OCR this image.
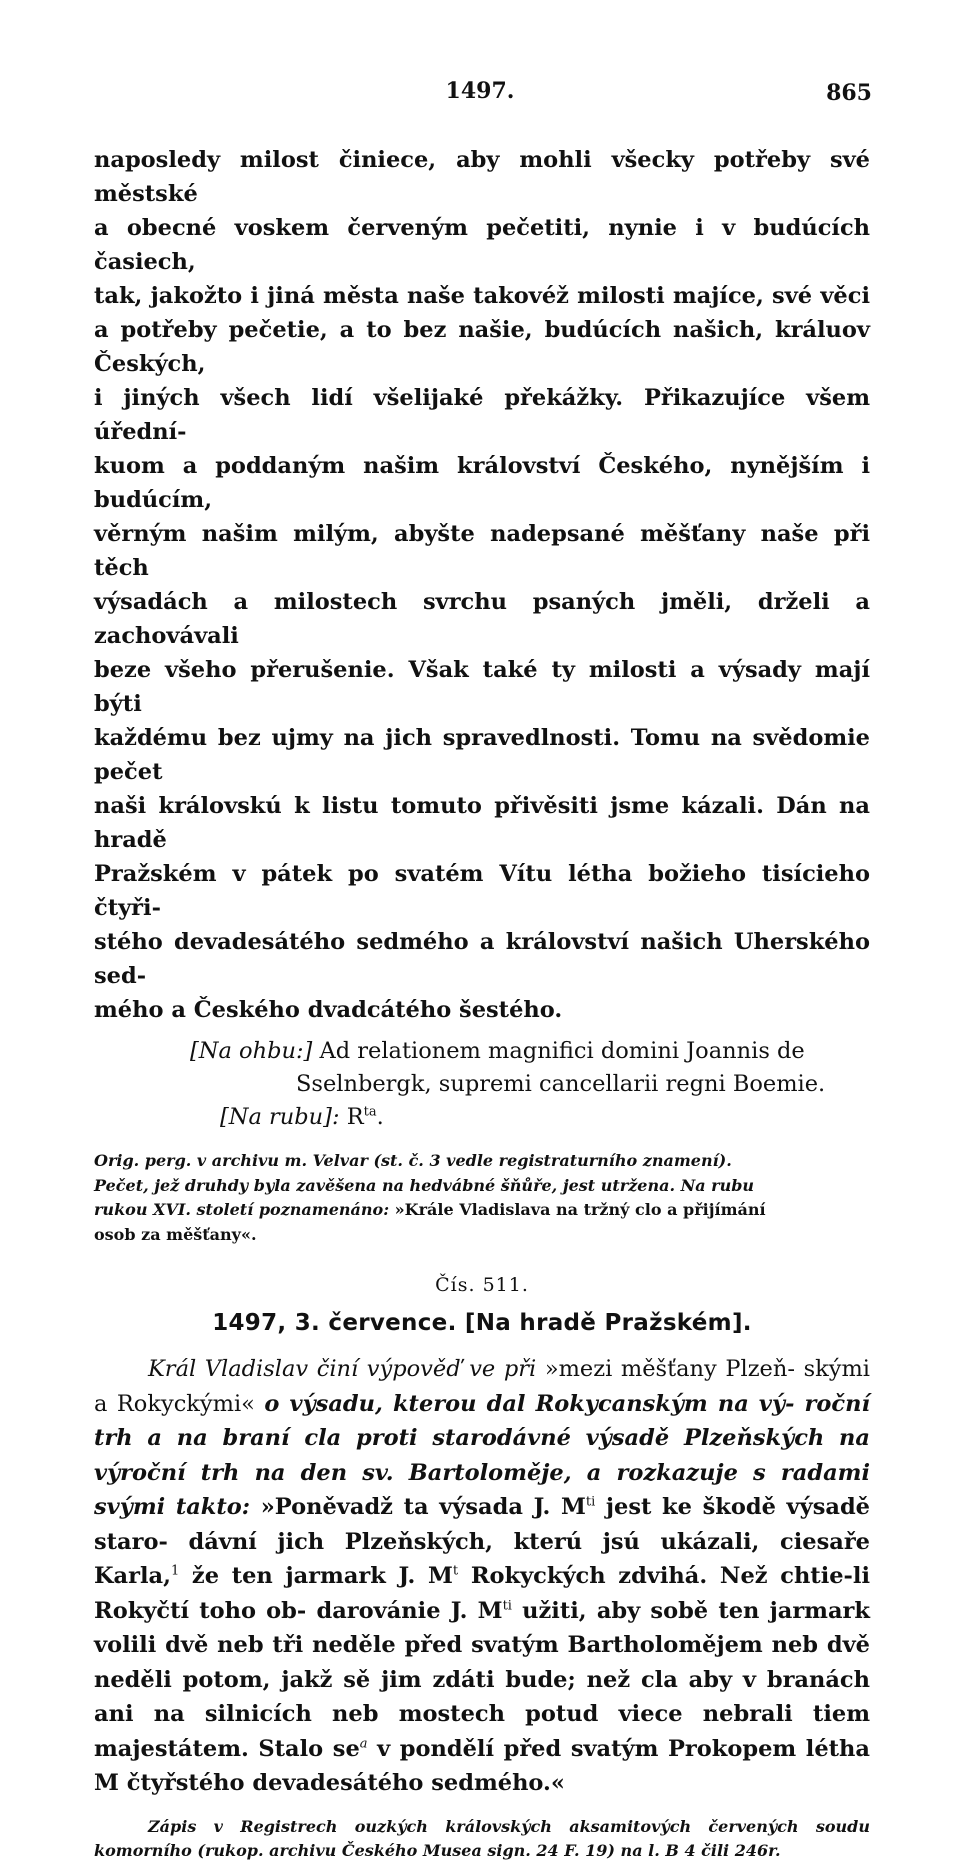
1497.	865
naposledy milost činiece, aby mohli všecky potřeby své městské
a obecné voskem červeným pečetiti, nynie i v budúcích časiech,
tak, jakožto i jiná města naše takovéž milosti majíce, své věci
a potřeby pečetie, a to bez našie, budúcích našich, králuov Českých,
i jiných všech lidí všelijaké překážky. Přikazujíce všem úřední-
kuom a poddaným našim království Českého, nynějším i budúcím,
věrným našim milým, abyšte nadepsané měšťany naše při těch
výsadách a milostech svrchu psaných jměli, drželi a zachovávali
beze všeho přerušenie. Však také ty milosti a výsady mají býti
každému bez ujmy na jich spravedlnosti. Tomu na svědomie pečet
naši královskú k listu tomuto přivěsiti jsme kázali. Dán na hradě
Pražském v pátek po svatém Vítu létha božieho tisícieho čtyři-
stého devadesátého sedmého a království našich Uherského sed-
mého a Českého dvadcátého šestého.
[Na ohbu:] Ad relationem magnifici domini Joannis de
Sselnbergk, supremi cancellarii regni Boemie.
[Na rubu]: $R^{ta}$.
Orig. perg. v archivu m. Velvar (st. č. 3 vedle registraturního znamení).
Pečet, jež druhdy byla zavěšena na hedvábné šňůře, jest utržena. Na rubu
rukou XVI. století poznamenáno: »Krále Vladislava na tržný clo a přijímání
osob za měšťany«.
Čís. 511.
1497, 3. července. [Na hradě Pražském].

Král Vladislav činí výpověď ve při »mezi měšťany Plzeň- skými a Rokyckými« o výsadu, kterou dal Rokycanským na vý- roční trh a na braní cla proti starodávné výsadě Plzeňských na výroční trh na den sv. Bartoloměje, a rozkazuje s radami svými takto: »Poněvadž ta výsada J. $M^{ti}$ jest ke škodě výsadě staro- dávní jich Plzeňských, kterú jsú ukázali, ciesaře Karla,$^1$ že ten jarmark J. $M^t$ Rokyckých zdvihá. Než chtie-li Rokyčtí toho ob- darovánie J. $M^{ti}$ užiti, aby sobě ten jarmark volili dvě neb tři neděle před svatým Bartholomějem neb dvě neděli potom, jakž sě jim zdáti bude; než cla aby v branách ani na silnicích neb mostech potud viece nebrali tiem majestátem. Stalo $se^a$ v pondělí před svatým Prokopem létha M čtyřstého devadesátého sedmého.«

Zápis v Registrech ouzkých královských aksamitových červených soudu komorního (rukop. archivu Českého Musea sign. 24 F. 19) na l. B 4 čili 246r.
